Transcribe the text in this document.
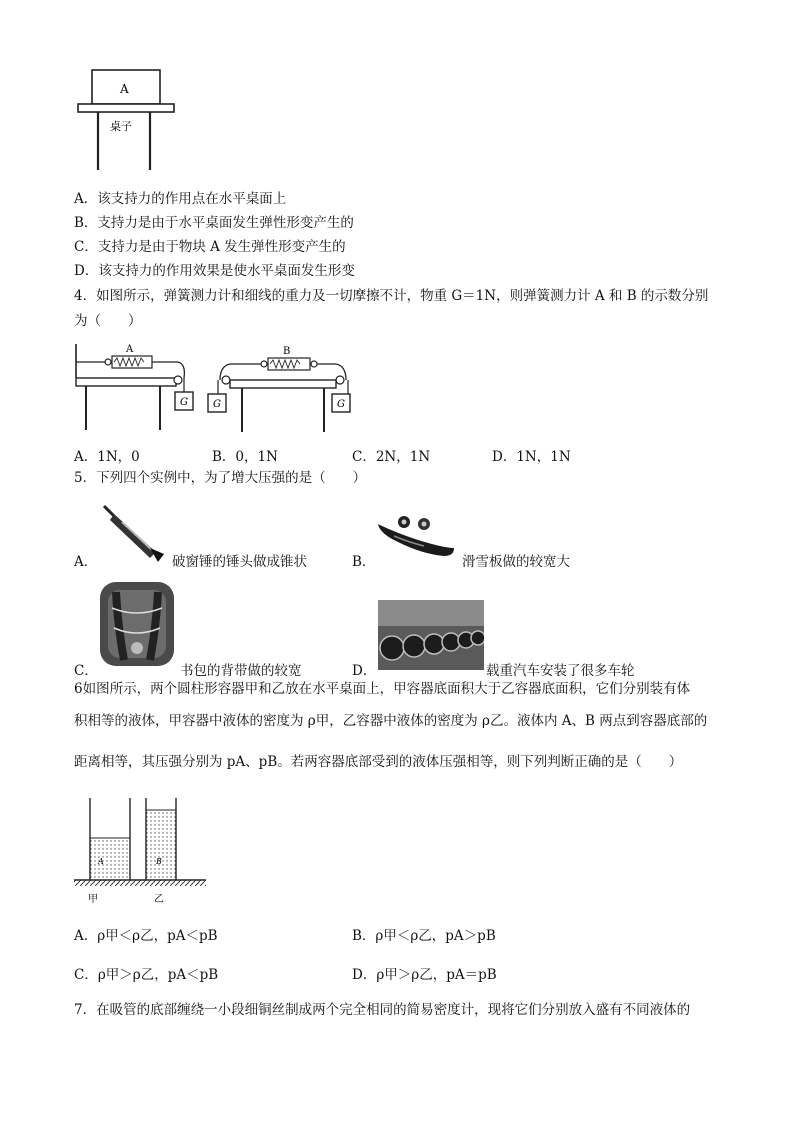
A
桌子
A．该支持力的作用点在水平桌面上
B．支持力是由于水平桌面发生弹性形变产生的
C．支持力是由于物块 A 发生弹性形变产生的
D．该支持力的作用效果是使水平桌面发生形变
4．如图所示，弹簧测力计和细线的重力及一切摩擦不计，物重 G＝1N，则弹簧测力计 A 和 B 的示数分别
为（　　）
A
G
B
G	G
A．1N，0	B．0，1N	C．2N，1N	D．1N，1N
5．下列四个实例中，为了增大压强的是（　　）
A．	破窗锤的锤头做成锥状	B．	滑雪板做的较宽大
C．	书包的背带做的较宽	D．	载重汽车安装了很多车轮
6如图所示，两个圆柱形容器甲和乙放在水平桌面上，甲容器底面积大于乙容器底面积，它们分别装有体
积相等的液体，甲容器中液体的密度为 ρ甲，乙容器中液体的密度为 ρ乙。液体内 A、B 两点到容器底部的
距离相等，其压强分别为 pA、pB。若两容器底部受到的液体压强相等，则下列判断正确的是（　　）
A	B
甲	乙
A．ρ甲＜ρ乙，pA＜pB	B．ρ甲＜ρ乙，pA＞pB
C．ρ甲＞ρ乙，pA＜pB	D．ρ甲＞ρ乙，pA＝pB
7．在吸管的底部缠绕一小段细铜丝制成两个完全相同的简易密度计，现将它们分别放入盛有不同液体的
